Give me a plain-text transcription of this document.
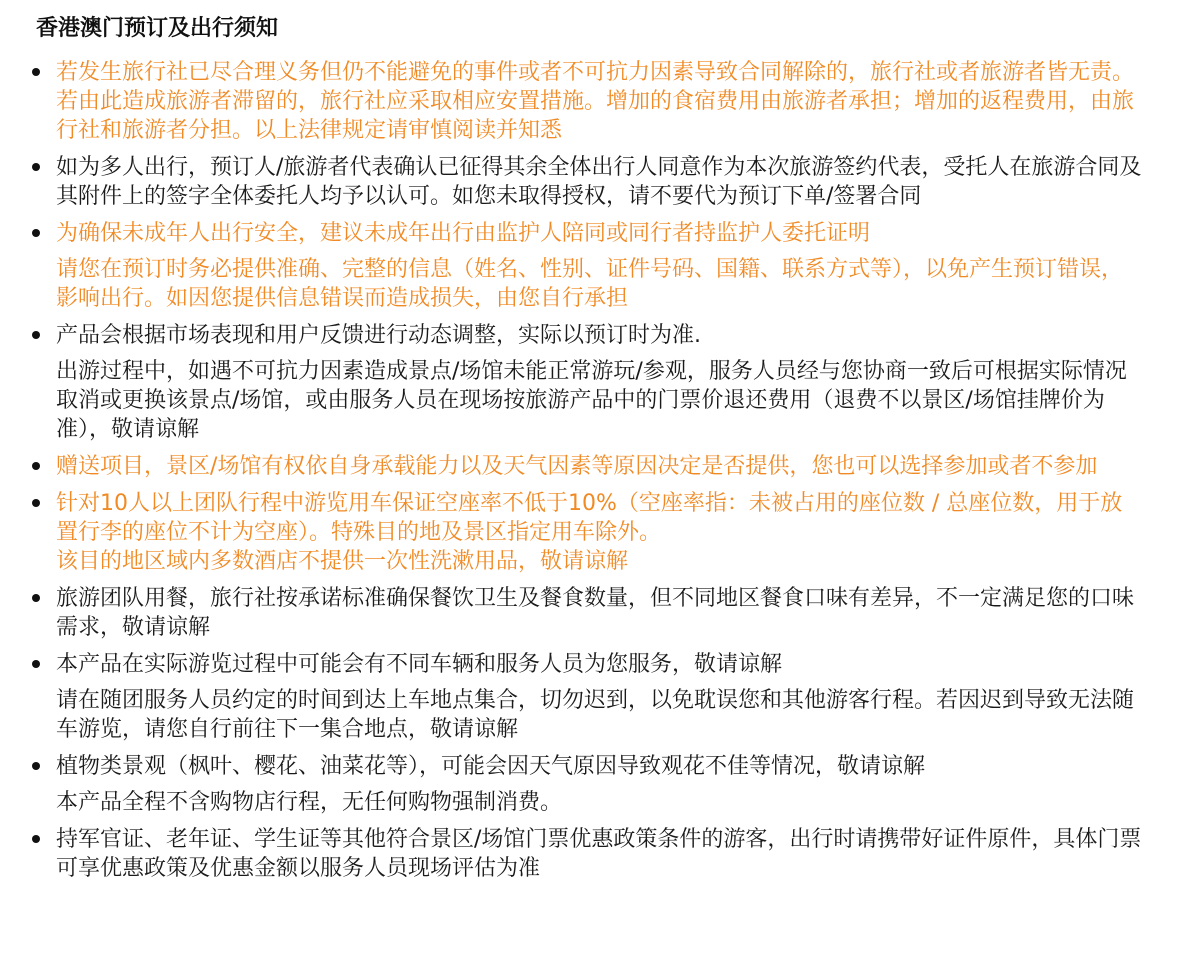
香港澳门预订及出行须知
若发生旅行社已尽合理义务但仍不能避免的事件或者不可抗力因素导致合同解除的，旅行社或者旅游者皆无责。若由此造成旅游者滞留的，旅行社应采取相应安置措施。增加的食宿费用由旅游者承担；增加的返程费用，由旅行社和旅游者分担。以上法律规定请审慎阅读并知悉
如为多人出行，预订人/旅游者代表确认已征得其余全体出行人同意作为本次旅游签约代表，受托人在旅游合同及其附件上的签字全体委托人均予以认可。如您未取得授权，请不要代为预订下单/签署合同
为确保未成年人出行安全，建议未成年出行由监护人陪同或同行者持监护人委托证明
请您在预订时务必提供准确、完整的信息（姓名、性别、证件号码、国籍、联系方式等），以免产生预订错误，影响出行。如因您提供信息错误而造成损失，由您自行承担
产品会根据市场表现和用户反馈进行动态调整，实际以预订时为准.
出游过程中，如遇不可抗力因素造成景点/场馆未能正常游玩/参观，服务人员经与您协商一致后可根据实际情况取消或更换该景点/场馆，或由服务人员在现场按旅游产品中的门票价退还费用（退费不以景区/场馆挂牌价为准），敬请谅解
赠送项目，景区/场馆有权依自身承载能力以及天气因素等原因决定是否提供，您也可以选择参加或者不参加
针对10人以上团队行程中游览用车保证空座率不低于10%（空座率指：未被占用的座位数 / 总座位数，用于放置行李的座位不计为空座）。特殊目的地及景区指定用车除外。
该目的地区域内多数酒店不提供一次性洗漱用品，敬请谅解
旅游团队用餐，旅行社按承诺标准确保餐饮卫生及餐食数量，但不同地区餐食口味有差异，不一定满足您的口味需求，敬请谅解
本产品在实际游览过程中可能会有不同车辆和服务人员为您服务，敬请谅解
请在随团服务人员约定的时间到达上车地点集合，切勿迟到，以免耽误您和其他游客行程。若因迟到导致无法随车游览，请您自行前往下一集合地点，敬请谅解
植物类景观（枫叶、樱花、油菜花等），可能会因天气原因导致观花不佳等情况，敬请谅解
本产品全程不含购物店行程，无任何购物强制消费。
持军官证、老年证、学生证等其他符合景区/场馆门票优惠政策条件的游客，出行时请携带好证件原件，具体门票可享优惠政策及优惠金额以服务人员现场评估为准
